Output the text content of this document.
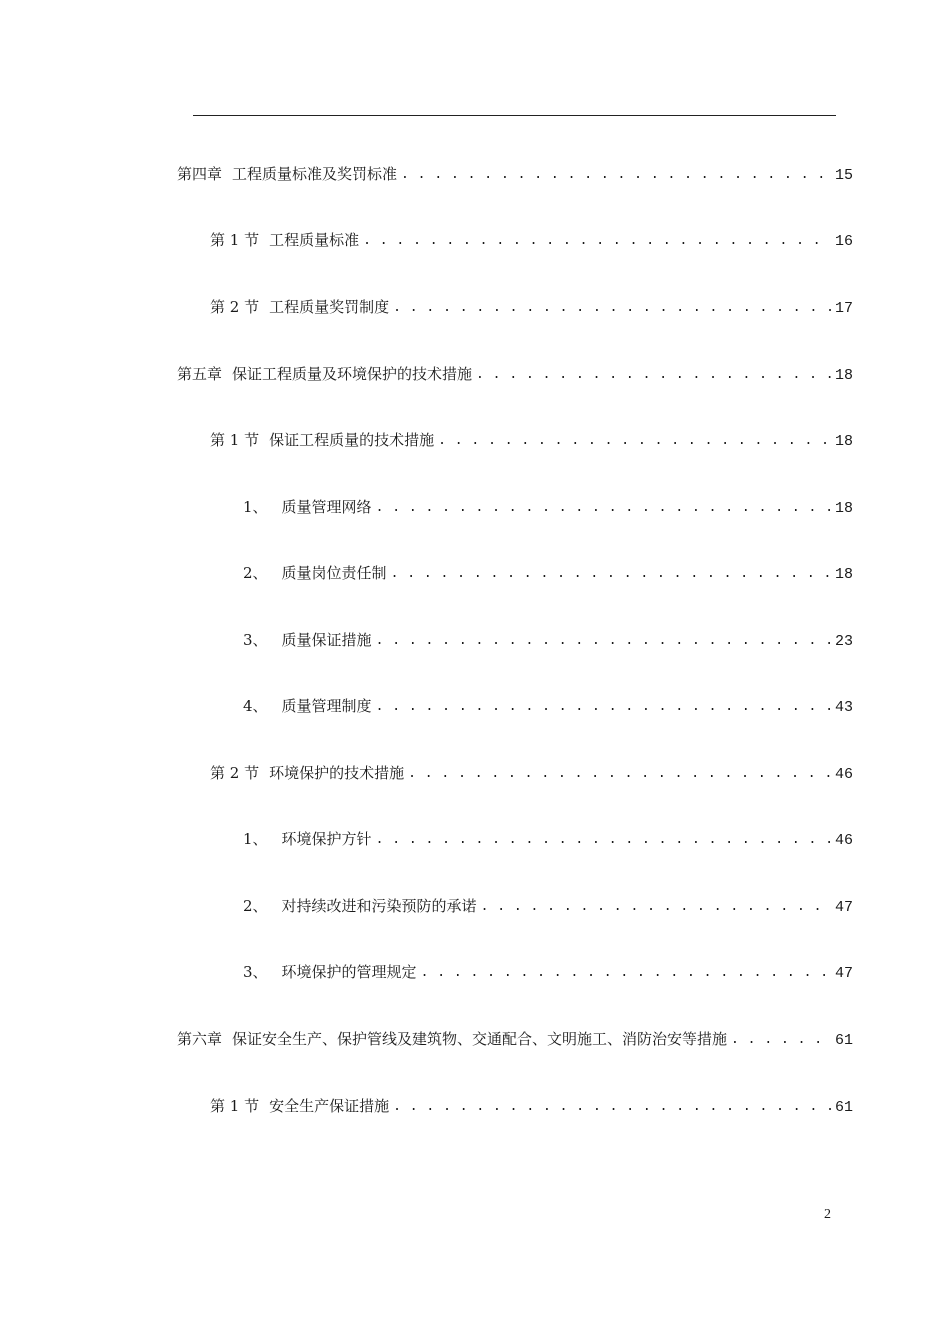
第四章 工程质量标准及奖罚标准 . . .	15
第 1 节 工程质量标准 . . .	16
第 2 节 工程质量奖罚制度 . . .	17
第五章 保证工程质量及环境保护的技术措施 . . .	18
第 1 节 保证工程质量的技术措施 . . .	18
1、 质量管理网络 . . .	18
2、 质量岗位责任制 . . .	18
3、 质量保证措施 . . .	23
4、 质量管理制度 . . .	43
第 2 节 环境保护的技术措施 . . .	46
1、 环境保护方针 . . .	46
2、 对持续改进和污染预防的承诺 . . .	47
3、 环境保护的管理规定 . . .	47
第六章 保证安全生产、保护管线及建筑物、交通配合、文明施工、消防治安等措施 . . .	61
第 1 节 安全生产保证措施 . . .	61
2
